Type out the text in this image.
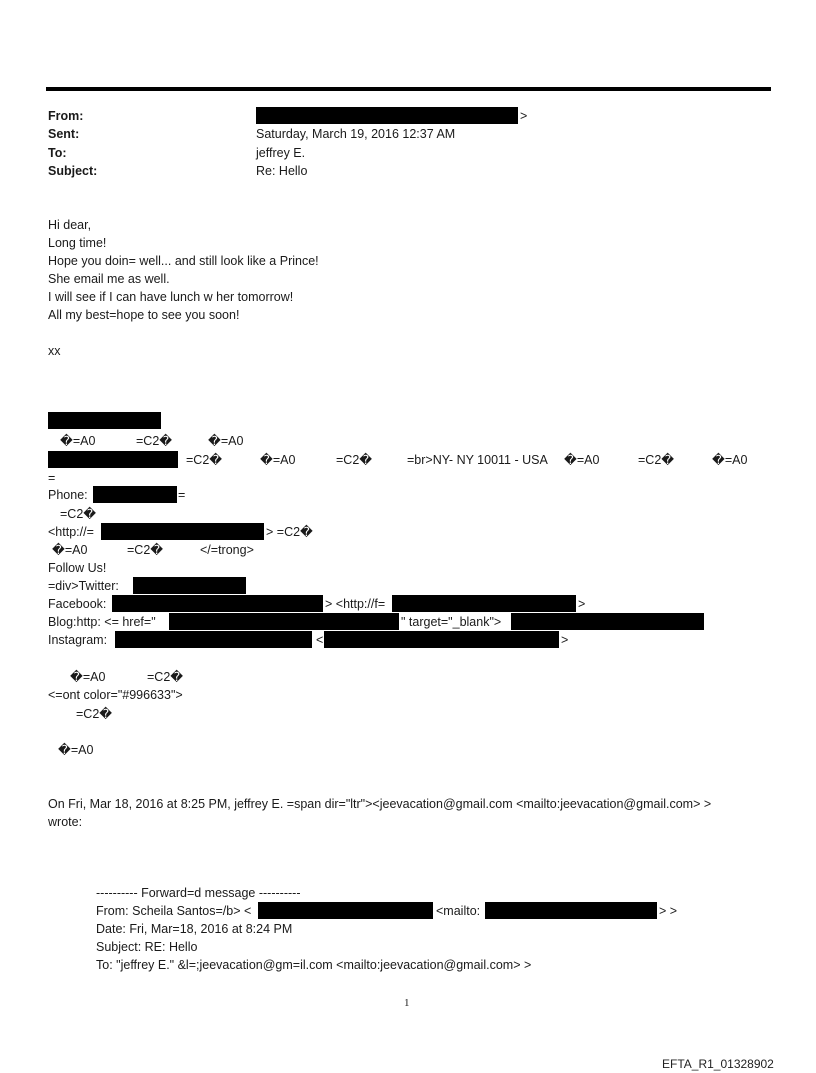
From:	>
Sent:	Saturday, March 19, 2016 12:37 AM
To:	jeffrey E.
Subject:	Re: Hello
Hi dear,
Long time!
Hope you doin= well... and still look like a Prince!
She email me as well.
I will see if I can have lunch w her tomorrow!
All my best=hope to see you soon!
xx
�=A0	=C2�	�=A0
=C2�	�=A0	=C2�	=br>NY- NY 10011 - USA �=A0	=C2�	�=A0
=
Phone:	=
=C2�
<http://=	> =C2�
�=A0	=C2�	</=trong>
Follow Us!
=div>Twitter:
Facebook:	> <http://f=	>
Blog:http: <= href="	" target="_blank">
Instagram:	<	>
�=A0	=C2�
<=ont color="#996633">
=C2�
�=A0
On Fri, Mar 18, 2016 at 8:25 PM, jeffrey E. =span dir="ltr"><jeevacation@gmail.com <mailto:jeevacation@gmail.com> >
wrote:
---------- Forward=d message ----------
From: Scheila Santos=/b> <	<mailto:	> >
Date: Fri, Mar=18, 2016 at 8:24 PM
Subject: RE: Hello
To: "jeffrey E." &l=;jeevacation@gm=il.com <mailto:jeevacation@gmail.com> >
1
EFTA_R1_01328902
